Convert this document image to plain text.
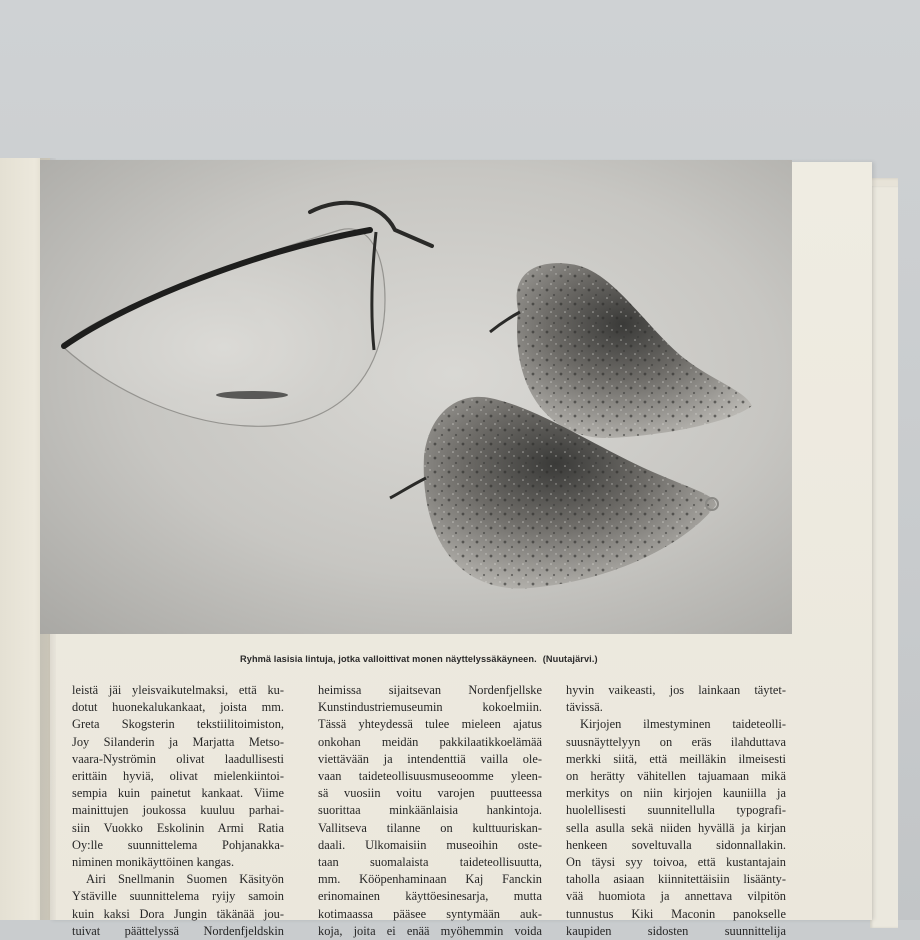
Ryhmä lasisia lintuja, jotka valloittivat monen näyttelyssäkäyneen. (Nuutajärvi.)
leistä jäi yleisvaikutelmaksi, että ku-
dotut huonekalukankaat, joista mm.
Greta Skogsterin tekstiilitoimiston,
Joy Silanderin ja Marjatta Metso-
vaara-Nyströmin olivat laadullisesti
erittäin hyviä, olivat mielenkiintoi-
sempia kuin painetut kankaat. Viime
mainittujen joukossa kuuluu parhai-
siin Vuokko Eskolinin Armi Ratia
Oy:lle suunnittelema Pohjanakka-
niminen monikäyttöinen kangas.
Airi Snellmanin Suomen Käsityön
Ystäville suunnittelema ryijy samoin
kuin kaksi Dora Jungin täkänää jou-
tuivat päättelyssä Nordenfjeldskin
heimissa sijaitsevan Nordenfjellske
Kunstindustriemuseumin kokoelmiin.
Tässä yhteydessä tulee mieleen ajatus
onkohan meidän pakkilaatikkoelämää
viettävään ja intendenttiä vailla ole-
vaan taideteollisuusmuseoomme yleen-
sä vuosiin voitu varojen puutteessa
suorittaa minkäänlaisia hankintoja.
Vallitseva tilanne on kulttuuriskan-
daali. Ulkomaisiin museoihin oste-
taan suomalaista taideteollisuutta,
mm. Kööpenhaminaan Kaj Fanckin
erinomainen käyttöesinesarja, mutta
kotimaassa pääsee syntymään auk-
koja, joita ei enää myöhemmin voida
hyvin vaikeasti, jos lainkaan täytet-
tävissä.
Kirjojen ilmestyminen taideteolli-
suusnäyttelyyn on eräs ilahduttava
merkki siitä, että meilläkin ilmeisesti
on herätty vähitellen tajuamaan mikä
merkitys on niin kirjojen kauniilla ja
huolellisesti suunnitellulla typografi-
sella asulla sekä niiden hyvällä ja kirjan
henkeen soveltuvalla sidonnallakin.
On täysi syy toivoa, että kustantajain
taholla asiaan kiinnitettäisiin lisäänty-
vää huomiota ja annettava vilpitön
tunnustus Kiki Maconin panokselle
kaupiden sidosten suunnittelija
